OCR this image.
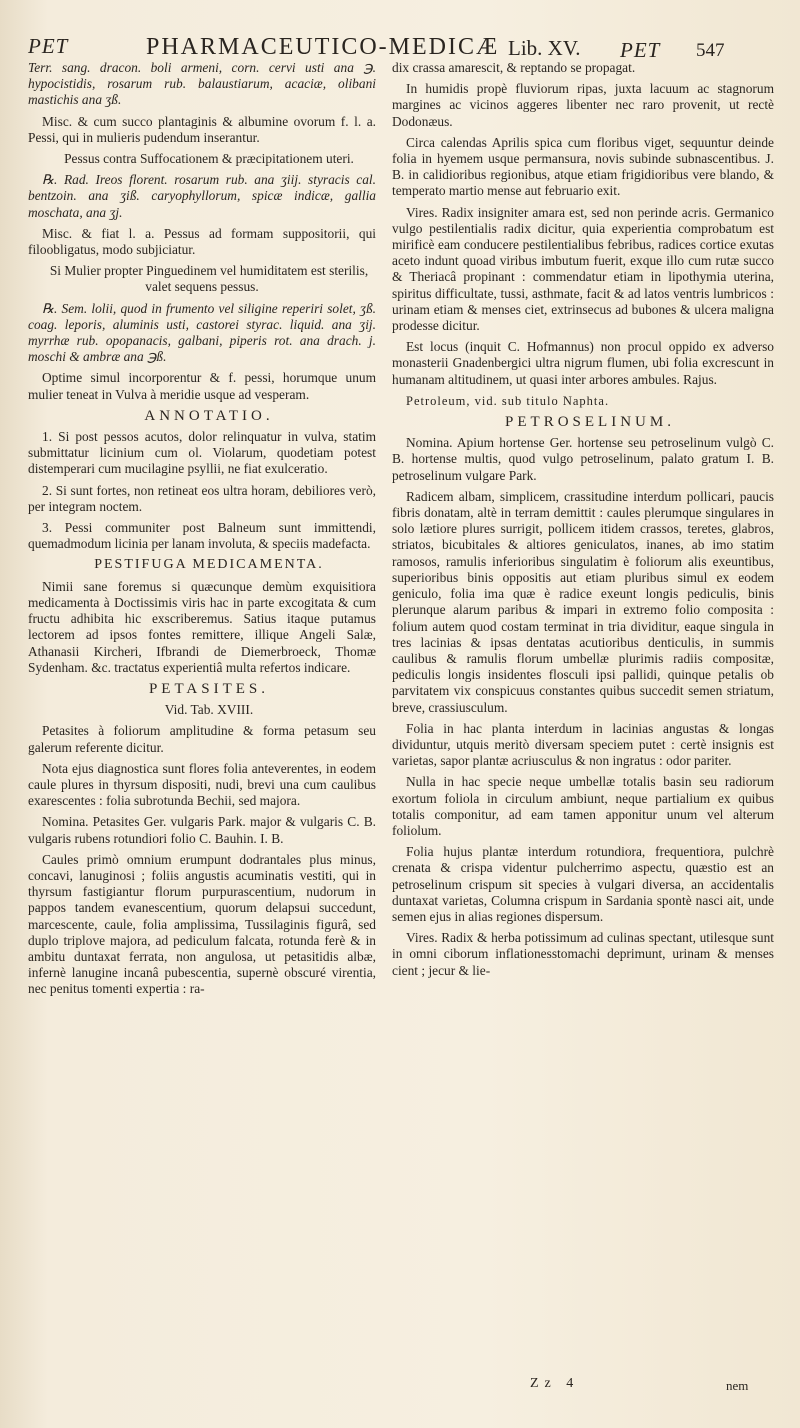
PET	PHARMACEUTICO-MEDICÆ Lib. XV. PET 547

Terr. sang. dracon. boli armeni, corn. cervi usti ana ℈. hypocistidis, rosarum rub. balaustiarum, acaciæ, olibani mastichis ana ʒß.

Misc. & cum succo plantaginis & albumine ovorum f. l. a. Pessi, qui in mulieris pudendum inserantur.

Pessus contra Suffocationem & præcipitationem uteri.

℞. Rad. Ireos florent. rosarum rub. ana ʒiij. styracis cal. bentzoin. ana ʒiß. caryophyllorum, spicæ indicæ, gallia moschata, ana ʒj.

Misc. & fiat l. a. Pessus ad formam suppositorii, qui filoobligatus, modo subjiciatur.

Si Mulier propter Pinguedinem vel humiditatem est sterilis, valet sequens pessus.

℞. Sem. lolii, quod in frumento vel siligine reperiri solet, ʒß. coag. leporis, aluminis usti, castorei styrac. liquid. ana ʒij. myrrhæ rub. opopanacis, galbani, piperis rot. ana drach. j. moschi & ambræ ana ℈ß.

Optime simul incorporentur & f. pessi, horumque unum mulier teneat in Vulva à meridie usque ad vesperam.

ANNOTATIO.

1. Si post pessos acutos, dolor relinquatur in vulva, statim submittatur licinium cum ol. Violarum, quodetiam potest distemperari cum mucilagine psyllii, ne fiat exulceratio.

2. Si sunt fortes, non retineat eos ultra horam, debiliores verò, per integram noctem.

3. Pessi communiter post Balneum sunt immittendi, quemadmodum licinia per lanam involuta, & speciis madefacta.

PESTIFUGA MEDICAMENTA.

Nimii sane foremus si quæcunque demùm exquisitiora medicamenta à Doctissimis viris hac in parte excogitata & cum fructu adhibita hic exscriberemus. Satius itaque putamus lectorem ad ipsos fontes remittere, illique Angeli Salæ, Athanasii Kircheri, Ifbrandi de Diemerbroeck, Thomæ Sydenham. &c. tractatus experientiâ multa refertos indicare.

PETASITES.

Vid. Tab. XVIII.

Petasites à foliorum amplitudine & forma petasum seu galerum referente dicitur.

Nota ejus diagnostica sunt flores folia anteverentes, in eodem caule plures in thyrsum dispositi, nudi, brevi una cum caulibus exarescentes : folia subrotunda Bechii, sed majora.

Nomina. Petasites Ger. vulgaris Park. major & vulgaris C. B. vulgaris rubens rotundiori folio C. Bauhin. I. B.

Caules primò omnium erumpunt dodrantales plus minus, concavi, lanuginosi ; foliis angustis acuminatis vestiti, qui in thyrsum fastigiantur florum purpurascentium, nudorum in pappos tandem evanescentium, quorum delapsui succedunt, marcescente, caule, folia amplissima, Tussilaginis figurâ, sed duplo triplove majora, ad pediculum falcata, rotunda ferè & in ambitu duntaxat ferrata, non angulosa, ut petasitidis albæ, infernè lanugine incanâ pubescentia, supernè obscuré virentia, nec penitus tomenti expertia : ra-

dix crassa amarescit, & reptando se propagat.

In humidis propè fluviorum ripas, juxta lacuum ac stagnorum margines ac vicinos aggeres libenter nec raro provenit, ut rectè Dodonæus.

Circa calendas Aprilis spica cum floribus viget, sequuntur deinde folia in hyemem usque permansura, novis subinde subnascentibus. J. B. in calidioribus regionibus, atque etiam frigidioribus vere blando, & temperato martio mense aut februario exit.

Vires. Radix insigniter amara est, sed non perinde acris. Germanico vulgo pestilentialis radix dicitur, quia experientia comprobatum est mirificè eam conducere pestilentialibus febribus, radices cortice exutas aceto indunt quoad viribus imbutum fuerit, exque illo cum rutæ succo & Theriacâ propinant : commendatur etiam in lipothymia uterina, spiritus difficultate, tussi, asthmate, facit & ad latos ventris lumbricos : urinam etiam & menses ciet, extrinsecus ad bubones & ulcera maligna prodesse dicitur.

Est locus (inquit C. Hofmannus) non procul oppido ex adverso monasterii Gnadenbergici ultra nigrum flumen, ubi folia excrescunt in humanam altitudinem, ut quasi inter arbores ambules. Rajus.

Petroleum, vid. sub titulo Naphta.

PETROSELINUM.

Nomina. Apium hortense Ger. hortense seu petroselinum vulgò C. B. hortense multis, quod vulgo petroselinum, palato gratum I. B. petroselinum vulgare Park.

Radicem albam, simplicem, crassitudine interdum pollicari, paucis fibris donatam, altè in terram demittit : caules plerumque singulares in solo lætiore plures surrigit, pollicem itidem crassos, teretes, glabros, striatos, bicubitales & altiores geniculatos, inanes, ab imo statim ramosos, ramulis inferioribus singulatim è foliorum alis exeuntibus, superioribus binis oppositis aut etiam pluribus simul ex eodem geniculo, folia ima quæ è radice exeunt longis pediculis, binis plerunque alarum paribus & impari in extremo folio composita : folium autem quod costam terminat in tria dividitur, eaque singula in tres lacinias & ipsas dentatas acutioribus denticulis, in summis caulibus & ramulis florum umbellæ plurimis radiis compositæ, pediculis longis insidentes flosculi ipsi pallidi, quinque petalis ob parvitatem vix conspicuus constantes quibus succedit semen striatum, breve, crassiusculum.

Folia in hac planta interdum in lacinias angustas & longas dividuntur, utquis meritò diversam speciem putet : certè insignis est varietas, sapor plantæ acriusculus & non ingratus : odor pariter.

Nulla in hac specie neque umbellæ totalis basin seu radiorum exortum foliola in circulum ambiunt, neque partialium ex quibus totalis componitur, ad eam tamen apponitur unum vel alterum foliolum.

Folia hujus plantæ interdum rotundiora, frequentiora, pulchrè crenata & crispa videntur pulcherrimo aspectu, quæstio est an petroselinum crispum sit species à vulgari diversa, an accidentalis duntaxat varietas, Columna crispum in Sardania spontè nasci ait, unde semen ejus in alias regiones dispersum.

Vires. Radix & herba potissimum ad culinas spectant, utilesque sunt in omni ciborum inflationesstomachi deprimunt, urinam & menses cient ; jecur & lie-

Zz 4	nem
